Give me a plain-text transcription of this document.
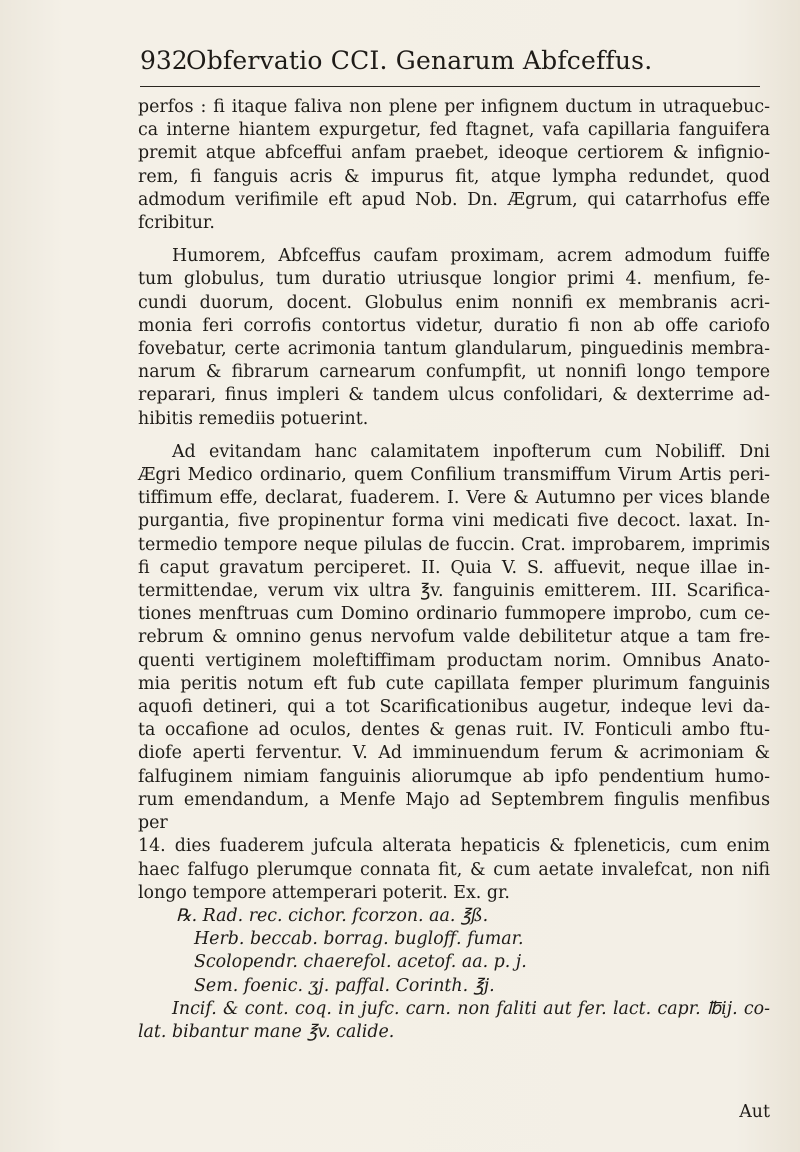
932
Obfervatio CCI. Genarum Abfceffus.
perfos : fi itaque faliva non plene per infignem ductum in utraquebuc-
ca interne hiantem expurgetur, fed ftagnet, vafa capillaria fanguifera
premit atque abfceffui anfam praebet, ideoque certiorem & infignio-
rem, fi fanguis acris & impurus fit, atque lympha redundet, quod
admodum verifimile eft apud Nob. Dn. Ægrum, qui catarrhofus effe
fcribitur.
Humorem, Abfceffus caufam proximam, acrem admodum fuiffe
tum globulus, tum duratio utriusque longior primi 4. menfium, fe-
cundi duorum, docent. Globulus enim nonnifi ex membranis acri-
monia feri corrofis contortus videtur, duratio fi non ab offe cariofo
fovebatur, certe acrimonia tantum glandularum, pinguedinis membra-
narum & fibrarum carnearum confumpfit, ut nonnifi longo tempore
reparari, finus impleri & tandem ulcus confolidari, & dexterrime ad-
hibitis remediis potuerint.
Ad evitandam hanc calamitatem inpofterum cum Nobiliff. Dni
Ægri Medico ordinario, quem Confilium transmiffum Virum Artis peri-
tiffimum effe, declarat, fuaderem. I. Vere & Autumno per vices blande
purgantia, five propinentur forma vini medicati five decoct. laxat. In-
termedio tempore neque pilulas de fuccin. Crat. improbarem, imprimis
fi caput gravatum perciperet. II. Quia V. S. affuevit, neque illae in-
termittendae, verum vix ultra ℥v. fanguinis emitterem. III. Scarifica-
tiones menftruas cum Domino ordinario fummopere improbo, cum ce-
rebrum & omnino genus nervofum valde debilitetur atque a tam fre-
quenti vertiginem moleftiffimam productam norim. Omnibus Anato-
mia peritis notum eft fub cute capillata femper plurimum fanguinis
aquofi detineri, qui a tot Scarificationibus augetur, indeque levi da-
ta occafione ad oculos, dentes & genas ruit. IV. Fonticuli ambo ftu-
diofe aperti ferventur. V. Ad imminuendum ferum & acrimoniam &
falfuginem nimiam fanguinis aliorumque ab ipfo pendentium humo-
rum emendandum, a Menfe Majo ad Septembrem fingulis menfibus per
14. dies fuaderem jufcula alterata hepaticis & fpleneticis, cum enim
haec falfugo plerumque connata fit, & cum aetate invalefcat, non nifi
longo tempore attemperari poterit. Ex. gr.
℞. Rad. rec. cichor. fcorzon. aa. ℥ß.
Herb. beccab. borrag. bugloff. fumar.
Scolopendr. chaerefol. acetof. aa. p. j.
Sem. foenic. ʒj. paffal. Corinth. ℥j.
Incif. & cont. coq. in jufc. carn. non faliti aut fer. lact. capr. ℔ij. co-
lat. bibantur mane ℥v. calide.
Aut
